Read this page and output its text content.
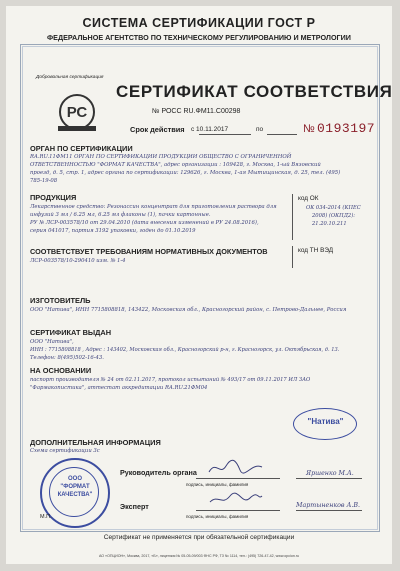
СИСТЕМА СЕРТИФИКАЦИИ ГОСТ Р
ФЕДЕРАЛЬНОЕ АГЕНТСТВО ПО ТЕХНИЧЕСКОМУ РЕГУЛИРОВАНИЮ И МЕТРОЛОГИИ
РС
Добровольная сертификация
СЕРТИФИКАТ СООТВЕТСТВИЯ
№ РОСС RU.ФМ11.С00298
Срок действия с 10.11.2017	по	№ 0193197
ОРГАН ПО СЕРТИФИКАЦИИ
RA.RU.11ФМ11 ОРГАН ПО СЕРТИФИКАЦИИ ПРОДУКЦИИ ОБЩЕСТВО С ОГРАНИЧЕННОЙ
ОТВЕТСТВЕННОСТЬЮ "ФОРМАТ КАЧЕСТВА", адрес организации : 109428, г. Москва, 1-ый Вязовский
проезд, д. 5, стр. 1, адрес органа по сертификации: 129626, г. Москва, 1-ая Мытищинская, д. 25, тел. (495)
785-19-08
ПРОДУКЦИЯ
Лекарственное средство: Резонассин концентрат для приготовления раствора для
инфузий 3 мл / 6.25 мл, 6.25 мл флаконы (1), пачки картонные.
РУ № ЛСР-003578/10 от 29.04.2010 (дата внесения изменений в РУ 24.08.2016),
серия 041017, партия 3192 упаковки, годен до 01.10.2019
код ОК
ОК 034-2014 (КПЕС
2008) (ОКПД2):
21.20.10.211
СООТВЕТСТВУЕТ ТРЕБОВАНИЯМ НОРМАТИВНЫХ ДОКУМЕНТОВ
ЛСР-003578/10-290410 изм. № 1-4
код ТН ВЭД
ИЗГОТОВИТЕЛЬ
ООО "Натива", ИНН 7715808818, 143422, Московская обл., Красногорский район, с. Петрово-Дальнее, Россия
СЕРТИФИКАТ ВЫДАН
ООО "Натива",
ИНН : 7715808818 , Адрес : 143402, Московская обл., Красногорский р-н, г. Красногорск, ул. Октябрьская, д. 13.
Телефон: 8(495)502-16-43.
НА ОСНОВАНИИ
паспорт производителя № 24 от 02.11.2017, протокол испытаний № 493/17 от 09.11.2017 ИЛ ЗАО
"Фармакопистика", аттестат аккредитации RA.RU.21ФМ04
ДОПОЛНИТЕЛЬНАЯ ИНФОРМАЦИЯ
Схема сертификации 3с
"Натива"
ООО
"ФОРМАТ
КАЧЕСТВА"
М.П.
Руководитель органа	Яршенко М.А.
подпись, инициалы, фамилия
Эксперт	Мартыненков А.В.
подпись, инициалы, фамилия
Сертификат не применяется при обязательной сертификации
АО «ОПЦИОН», Москва, 2017, «Б», лицензия № 05-05-09/003 ФНС РФ, ТЗ № 1114, тел.: (495) 726-47-42, www.opcion.ru
